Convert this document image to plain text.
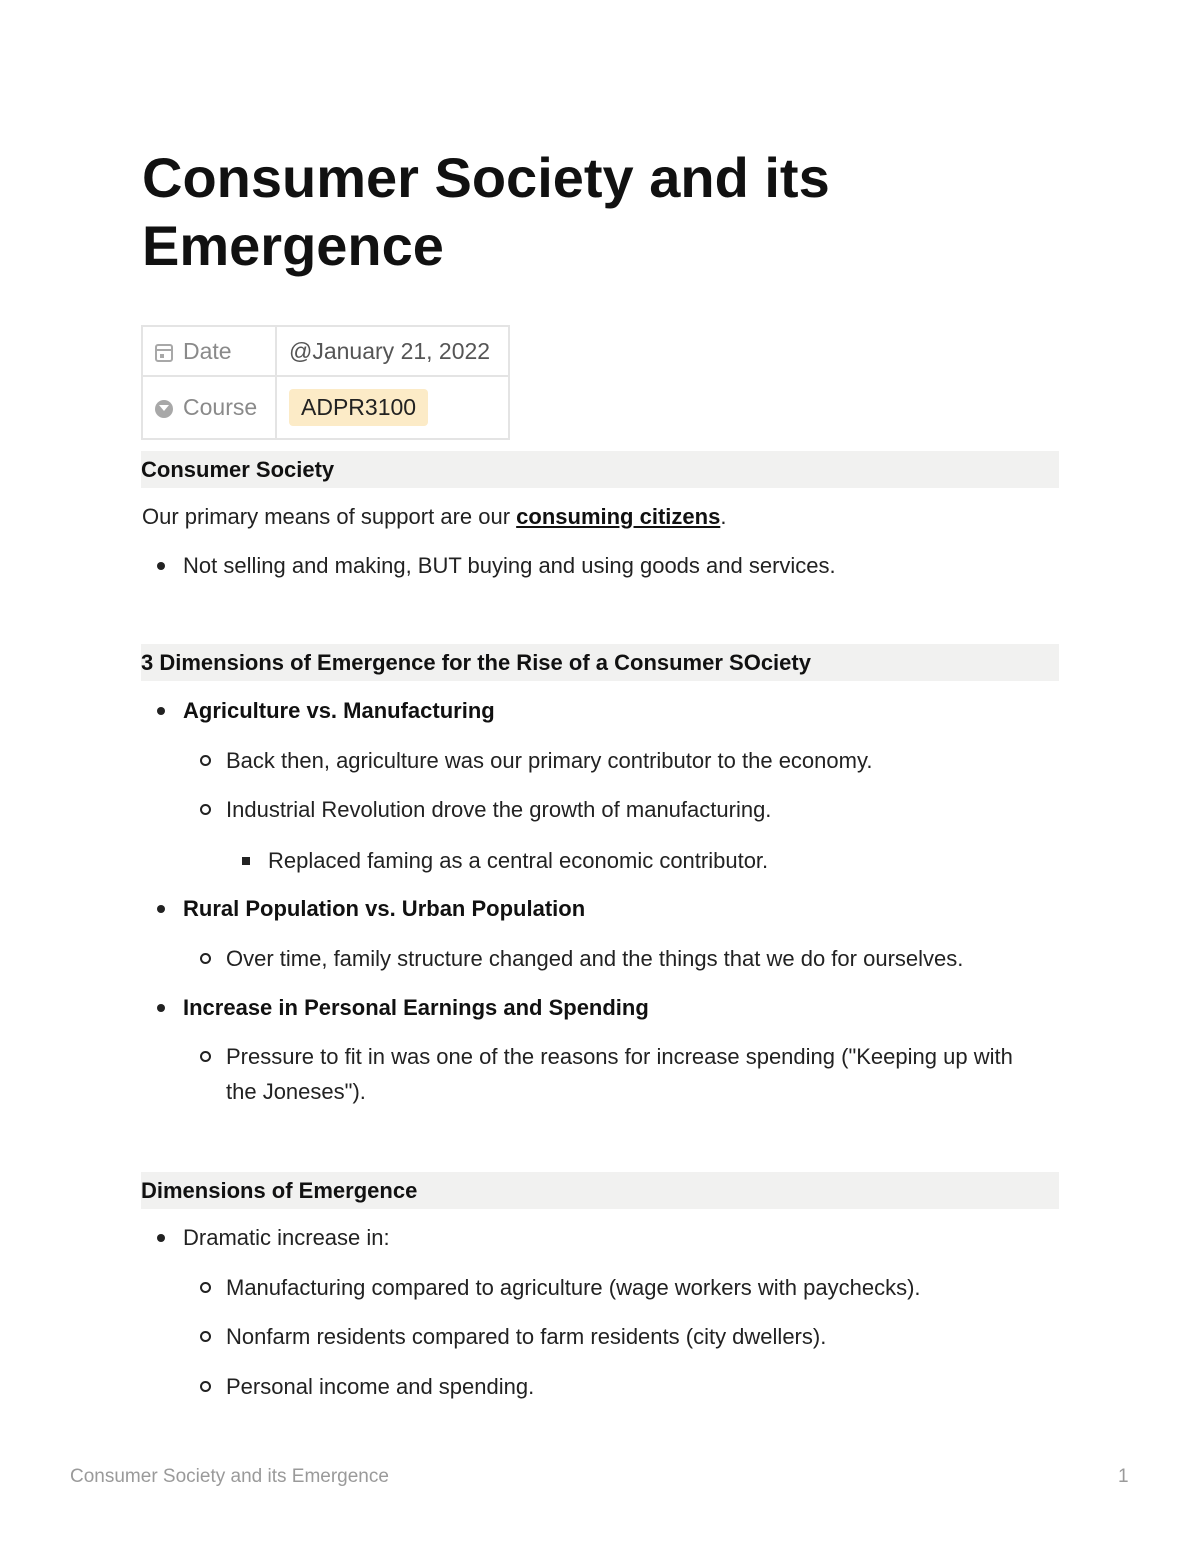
Consumer Society and its Emergence
Date	@January 21, 2022
Course	ADPR3100
Consumer Society
Our primary means of support are our consuming citizens.
Not selling and making, BUT buying and using goods and services.
3 Dimensions of Emergence for the Rise of a Consumer SOciety
Agriculture vs. Manufacturing
Back then, agriculture was our primary contributor to the economy.
Industrial Revolution drove the growth of manufacturing.
Replaced faming as a central economic contributor.
Rural Population vs. Urban Population
Over time, family structure changed and the things that we do for ourselves.
Increase in Personal Earnings and Spending
Pressure to fit in was one of the reasons for increase spending ("Keeping up with the Joneses").
Dimensions of Emergence
Dramatic increase in:
Manufacturing compared to agriculture (wage workers with paychecks).
Nonfarm residents compared to farm residents (city dwellers).
Personal income and spending.
Consumer Society and its Emergence	1
